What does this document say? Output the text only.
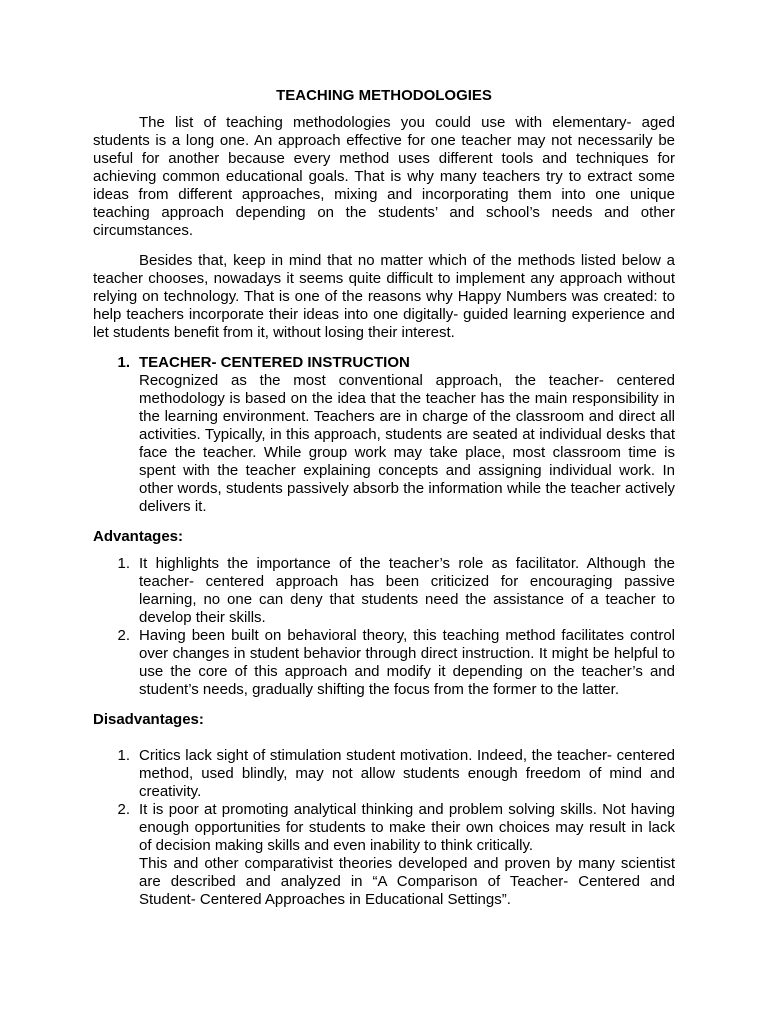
TEACHING METHODOLOGIES

The list of teaching methodologies you could use with elementary- aged students is a long one. An approach effective for one teacher may not necessarily be useful for another because every method uses different tools and techniques for achieving common educational goals. That is why many teachers try to extract some ideas from different approaches, mixing and incorporating them into one unique teaching approach depending on the students’ and school’s needs and other circumstances.

Besides that, keep in mind that no matter which of the methods listed below a teacher chooses, nowadays it seems quite difficult to implement any approach without relying on technology. That is one of the reasons why Happy Numbers was created: to help teachers incorporate their ideas into one digitally- guided learning experience and let students benefit from it, without losing their interest.

1. TEACHER- CENTERED INSTRUCTION

Recognized as the most conventional approach, the teacher- centered methodology is based on the idea that the teacher has the main responsibility in the learning environment. Teachers are in charge of the classroom and direct all activities. Typically, in this approach, students are seated at individual desks that face the teacher. While group work may take place, most classroom time is spent with the teacher explaining concepts and assigning individual work. In other words, students passively absorb the information while the teacher actively delivers it.

Advantages:
1. It highlights the importance of the teacher’s role as facilitator. Although the teacher- centered approach has been criticized for encouraging passive learning, no one can deny that students need the assistance of a teacher to develop their skills.
2. Having been built on behavioral theory, this teaching method facilitates control over changes in student behavior through direct instruction. It might be helpful to use the core of this approach and modify it depending on the teacher’s and student’s needs, gradually shifting the focus from the former to the latter.
Disadvantages:
1. Critics lack sight of stimulation student motivation. Indeed, the teacher- centered method, used blindly, may not allow students enough freedom of mind and creativity.
2. It is poor at promoting analytical thinking and problem solving skills. Not having enough opportunities for students to make their own choices may result in lack of decision making skills and even inability to think critically.
This and other comparativist theories developed and proven by many scientist are described and analyzed in “A Comparison of Teacher- Centered and Student- Centered Approaches in Educational Settings”.
